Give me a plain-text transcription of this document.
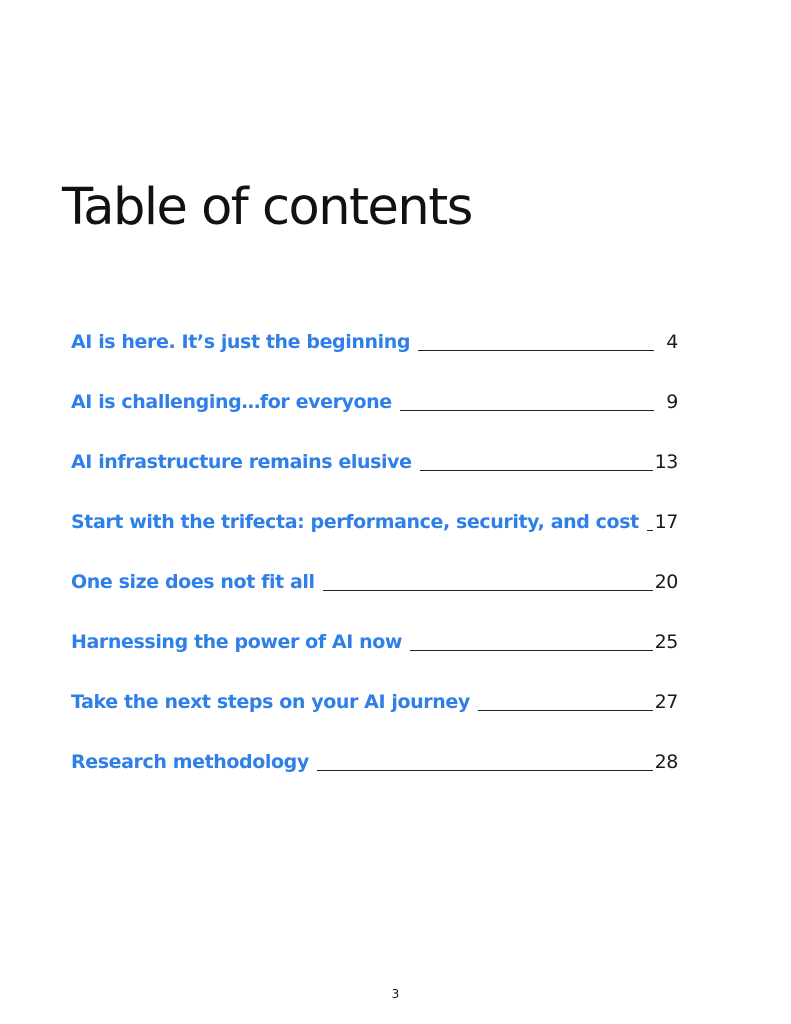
Table of contents
AI is here. It’s just the beginning	4
AI is challenging…for everyone	9
AI infrastructure remains elusive	13
Start with the trifecta: performance, security, and cost 17
One size does not fit all	20
Harnessing the power of AI now	25
Take the next steps on your AI journey	27
Research methodology	28
3
